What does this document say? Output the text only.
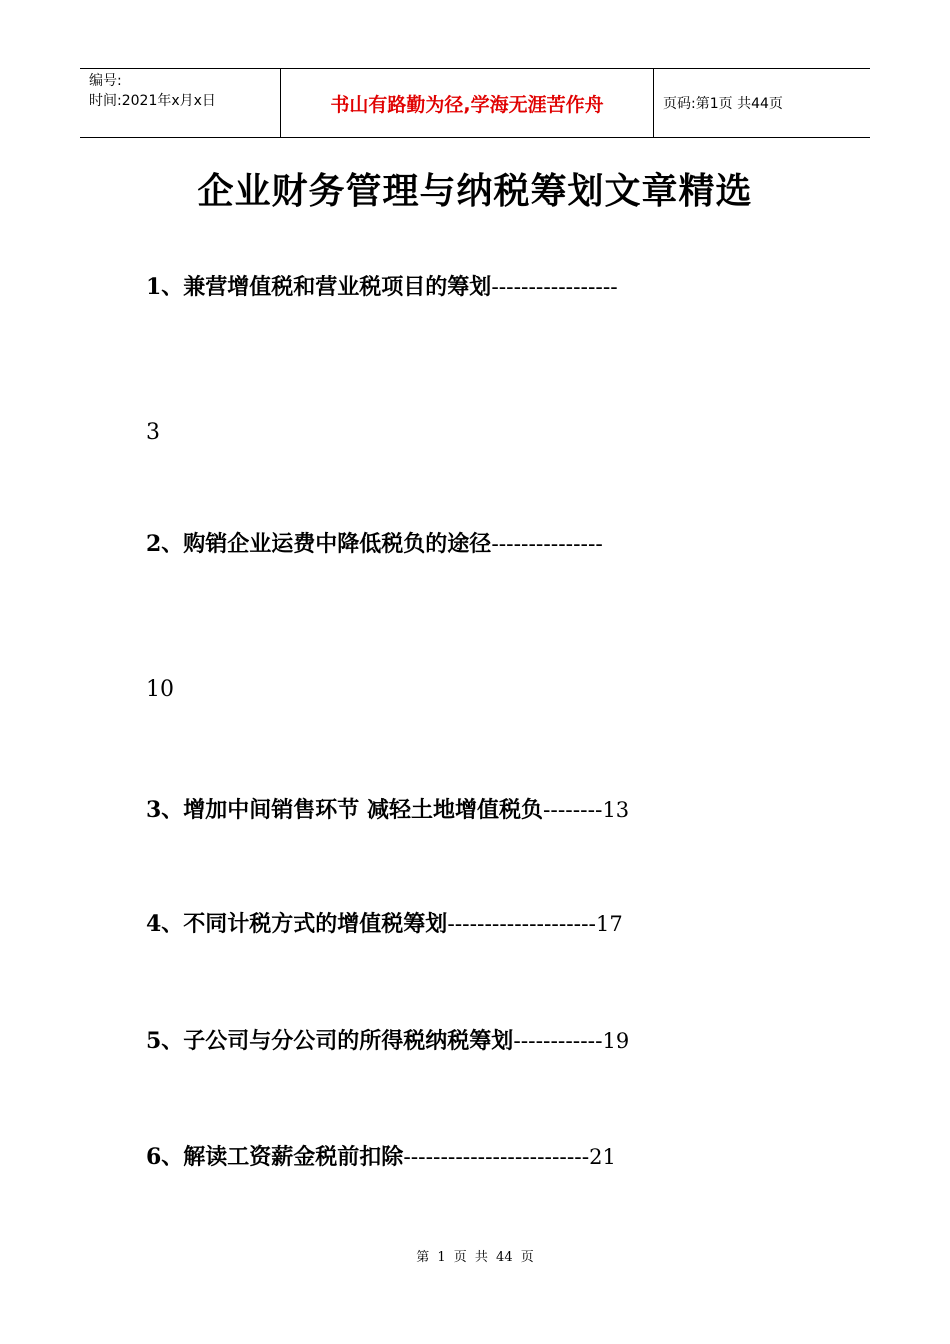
编号:
时间:2021年x月x日	书山有路勤为径,学海无涯苦作舟	页码:第1页 共44页
企业财务管理与纳税筹划文章精选
1、兼营增值税和营业税项目的筹划-----------------
3
2、购销企业运费中降低税负的途径---------------
10
3、增加中间销售环节 减轻土地增值税负--------13
4、不同计税方式的增值税筹划--------------------17
5、子公司与分公司的所得税纳税筹划------------19
6、解读工资薪金税前扣除-------------------------21
第 1 页 共 44 页
